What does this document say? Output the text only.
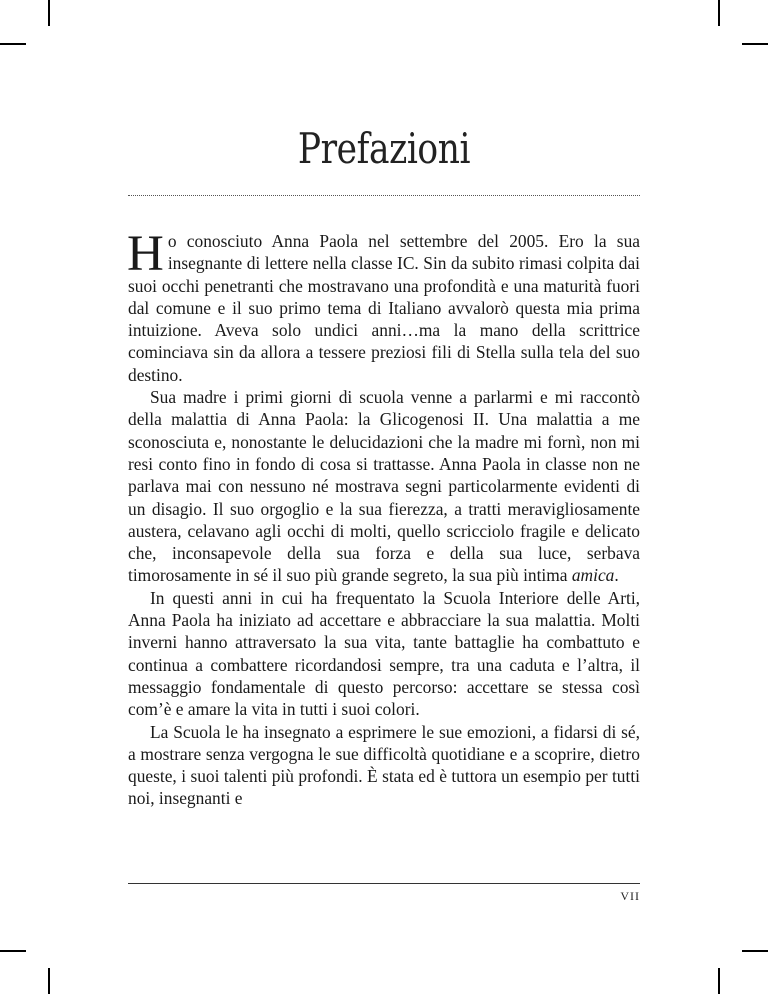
Prefazioni

Ho conosciuto Anna Paola nel settembre del 2005. Ero la sua insegnante di lettere nella classe IC. Sin da subito rimasi colpita dai suoi occhi penetranti che mostravano una profondità e una maturità fuori dal comune e il suo primo tema di Italiano avvalorò questa mia prima intuizione. Aveva solo undici anni…ma la mano della scrittrice cominciava sin da allora a tessere preziosi fili di Stella sulla tela del suo destino.

Sua madre i primi giorni di scuola venne a parlarmi e mi raccontò della malattia di Anna Paola: la Glicogenosi II. Una malattia a me sconosciuta e, nonostante le delucidazioni che la madre mi fornì, non mi resi conto fino in fondo di cosa si trattasse. Anna Paola in classe non ne parlava mai con nessuno né mostrava segni particolarmente evidenti di un disagio. Il suo orgoglio e la sua fierezza, a tratti meravigliosamente austera, celavano agli occhi di molti, quello scricciolo fragile e delicato che, inconsapevole della sua forza e della sua luce, serbava timorosamente in sé il suo più grande segreto, la sua più intima amica.

In questi anni in cui ha frequentato la Scuola Interiore delle Arti, Anna Paola ha iniziato ad accettare e abbracciare la sua malattia. Molti inverni hanno attraversato la sua vita, tante battaglie ha combattuto e continua a combattere ricordandosi sempre, tra una caduta e l’altra, il messaggio fondamentale di questo percorso: accettare se stessa così com’è e amare la vita in tutti i suoi colori.

La Scuola le ha insegnato a esprimere le sue emozioni, a fidarsi di sé, a mostrare senza vergogna le sue difficoltà quotidiane e a scoprire, dietro queste, i suoi talenti più profondi. È stata ed è tuttora un esempio per tutti noi, insegnanti e

VII
